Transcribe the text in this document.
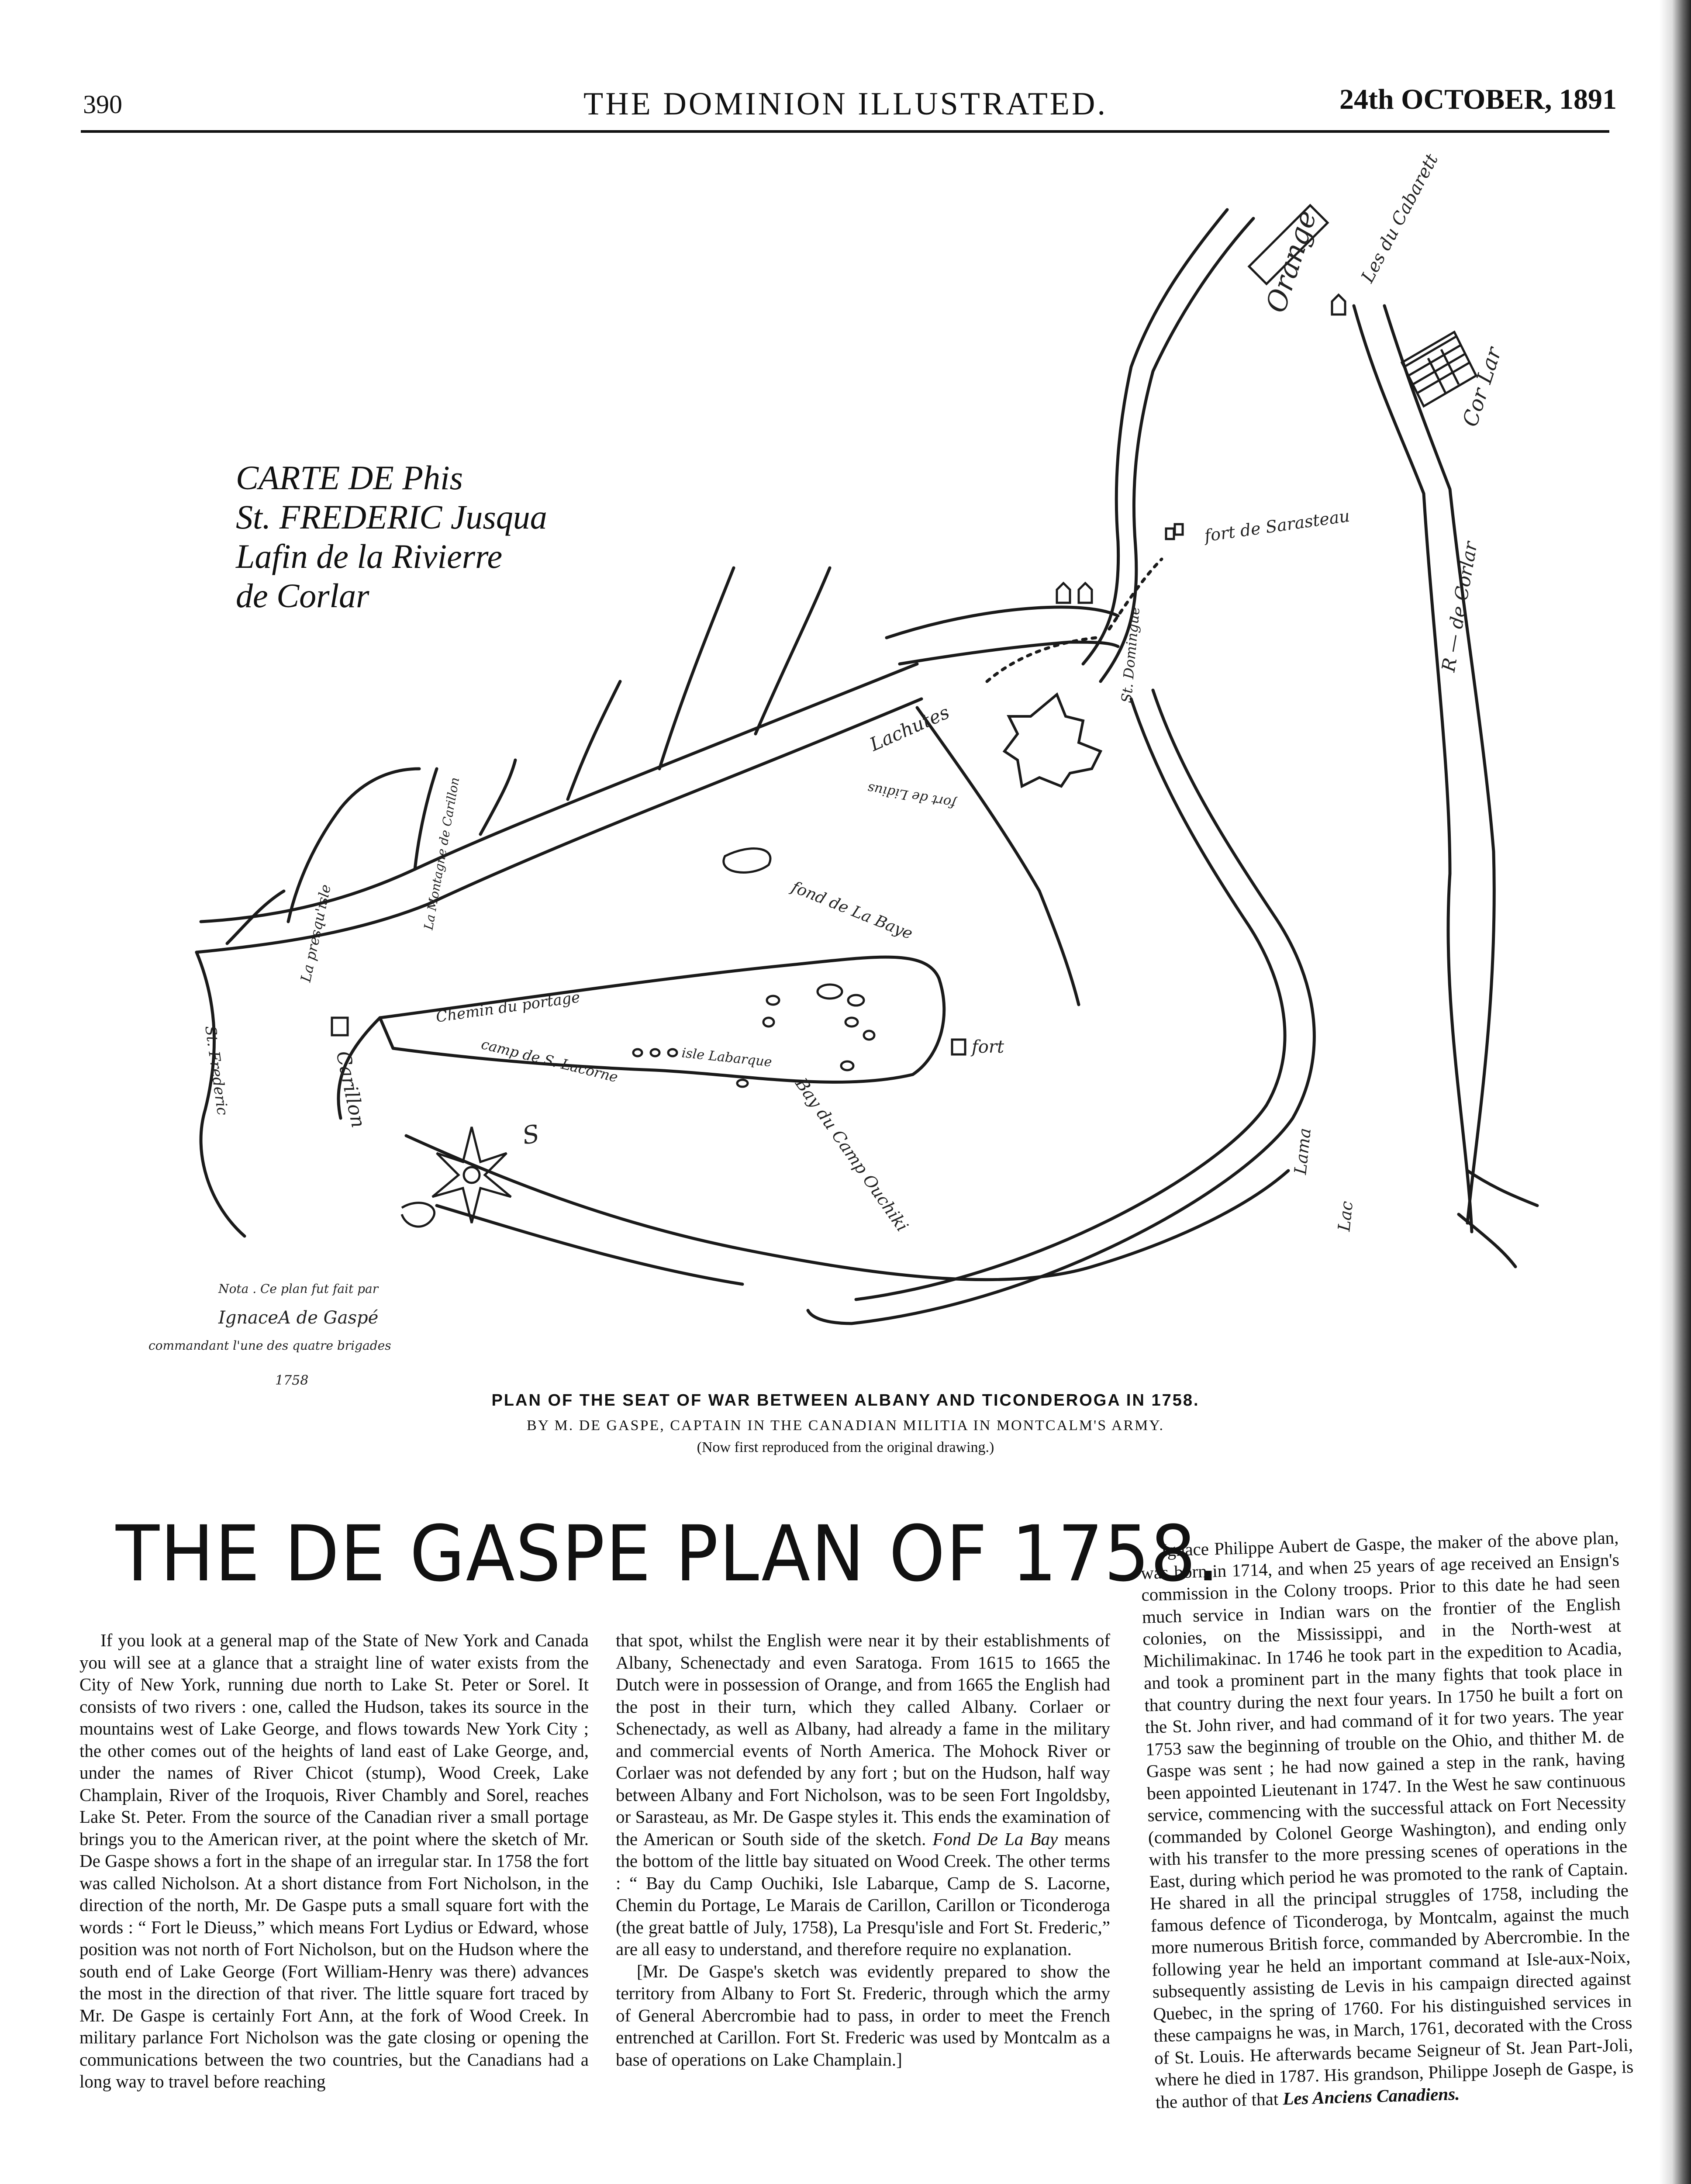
390	THE DOMINION ILLUSTRATED.	24th OCTOBER, 1891
CARTE DE Phis
St. FREDERIC Jusqua
Lafin de la Rivierre
de Corlar
Orange Les du Cabarett
Cor Lar
R — de Corlar
fort de Sarasteau
St. Domingue
Lachutes
fort de Lidius
fond de La Baye
Chemin du portage
isle Labarque
camp de S. Lacorne
Bay du Camp Ouchiki
fort
Carillon
La Montagne de Carillon
La presqu'isle
St. Frederic
Lama
Lac
S
Nota . Ce plan fut fait par
IgnaceA de Gaspé
commandant l'une des quatre brigades
1758
PLAN OF THE SEAT OF WAR BETWEEN ALBANY AND TICONDEROGA IN 1758.
BY M. DE GASPE, CAPTAIN IN THE CANADIAN MILITIA IN MONTCALM'S ARMY.
(Now first reproduced from the original drawing.)
THE DE GASPE PLAN OF 1758.

If you look at a general map of the State of New York and Canada you will see at a glance that a straight line of water exists from the City of New York, running due north to Lake St. Peter or Sorel. It consists of two rivers : one, called the Hudson, takes its source in the mountains west of Lake George, and flows towards New York City ; the other comes out of the heights of land east of Lake George, and, under the names of River Chicot (stump), Wood Creek, Lake Champlain, River of the Iroquois, River Chambly and Sorel, reaches Lake St. Peter. From the source of the Canadian river a small portage brings you to the American river, at the point where the sketch of Mr. De Gaspe shows a fort in the shape of an irregular star. In 1758 the fort was called Nicholson. At a short distance from Fort Nicholson, in the direction of the north, Mr. De Gaspe puts a small square fort with the words : “ Fort le Dieuss,” which means Fort Lydius or Edward, whose position was not north of Fort Nicholson, but on the Hudson where the south end of Lake George (Fort William-Henry was there) advances the most in the direction of that river. The little square fort traced by Mr. De Gaspe is certainly Fort Ann, at the fork of Wood Creek. In military parlance Fort Nicholson was the gate closing or opening the communications between the two countries, but the Canadians had a long way to travel before reaching

that spot, whilst the English were near it by their establishments of Albany, Schenectady and even Saratoga. From 1615 to 1665 the Dutch were in possession of Orange, and from 1665 the English had the post in their turn, which they called Albany. Corlaer or Schenectady, as well as Albany, had already a fame in the military and commercial events of North America. The Mohock River or Corlaer was not defended by any fort ; but on the Hudson, half way between Albany and Fort Nicholson, was to be seen Fort Ingoldsby, or Sarasteau, as Mr. De Gaspe styles it. This ends the examination of the American or South side of the sketch. Fond De La Bay means the bottom of the little bay situated on Wood Creek. The other terms : “ Bay du Camp Ouchiki, Isle Labarque, Camp de S. Lacorne, Chemin du Portage, Le Marais de Carillon, Carillon or Ticonderoga (the great battle of July, 1758), La Presqu'isle and Fort St. Frederic,” are all easy to understand, and therefore require no explanation.

[Mr. De Gaspe's sketch was evidently prepared to show the territory from Albany to Fort St. Frederic, through which the army of General Abercrombie had to pass, in order to meet the French entrenched at Carillon. Fort St. Frederic was used by Montcalm as a base of operations on Lake Champlain.]

Ignace Philippe Aubert de Gaspe, the maker of the above plan, was born in 1714, and when 25 years of age received an Ensign's commission in the Colony troops. Prior to this date he had seen much service in Indian wars on the frontier of the English colonies, on the Mississippi, and in the North-west at Michilimakinac. In 1746 he took part in the expedition to Acadia, and took a prominent part in the many fights that took place in that country during the next four years. In 1750 he built a fort on the St. John river, and had command of it for two years. The year 1753 saw the beginning of trouble on the Ohio, and thither M. de Gaspe was sent ; he had now gained a step in the rank, having been appointed Lieutenant in 1747. In the West he saw continuous service, commencing with the successful attack on Fort Necessity (commanded by Colonel George Washington), and ending only with his transfer to the more pressing scenes of operations in the East, during which period he was promoted to the rank of Captain. He shared in all the principal struggles of 1758, including the famous defence of Ticonderoga, by Montcalm, against the much more numerous British force, commanded by Abercrombie. In the following year he held an important command at Isle-aux-Noix, subsequently assisting de Levis in his campaign directed against Quebec, in the spring of 1760. For his distinguished services in these campaigns he was, in March, 1761, decorated with the Cross of St. Louis. He afterwards became Seigneur of St. Jean Part-Joli, where he died in 1787. His grandson, Philippe Joseph de Gaspe, is the author of that Les Anciens Canadiens.
